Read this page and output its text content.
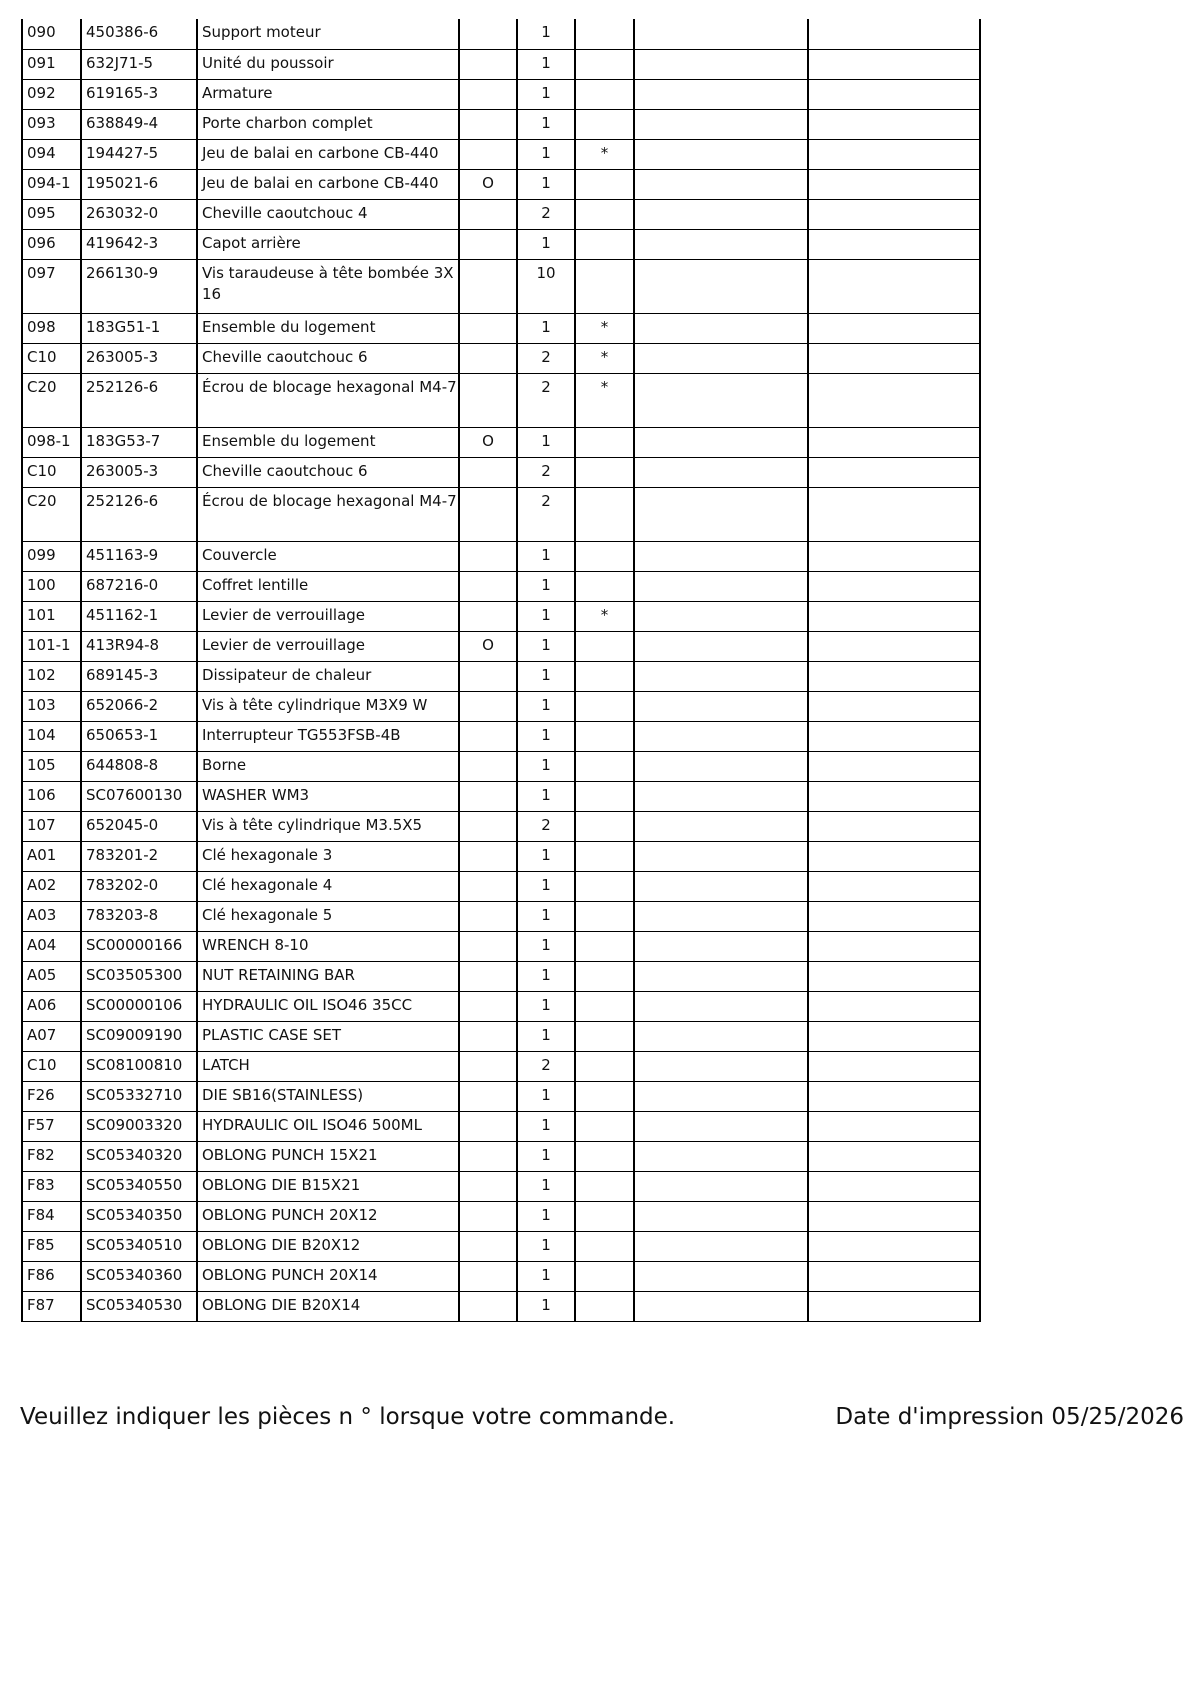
090	450386-6	Support moteur		1			
091	632J71-5	Unité du poussoir		1			
092	619165-3	Armature		1			
093	638849-4	Porte charbon complet		1			
094	194427-5	Jeu de balai en carbone CB-440		1	*		
094-1	195021-6	Jeu de balai en carbone CB-440	O	1			
095	263032-0	Cheville caoutchouc 4		2			
096	419642-3	Capot arrière		1			
097	266130-9	Vis taraudeuse à tête bombée 3X 16		10			
098	183G51-1	Ensemble du logement		1	*		
C10	263005-3	Cheville caoutchouc 6		2	*		
C20	252126-6	Écrou de blocage hexagonal M4-7		2	*		
098-1	183G53-7	Ensemble du logement	O	1			
C10	263005-3	Cheville caoutchouc 6		2			
C20	252126-6	Écrou de blocage hexagonal M4-7		2			
099	451163-9	Couvercle		1			
100	687216-0	Coffret lentille		1			
101	451162-1	Levier de verrouillage		1	*		
101-1	413R94-8	Levier de verrouillage	O	1			
102	689145-3	Dissipateur de chaleur		1			
103	652066-2	Vis à tête cylindrique M3X9 W		1			
104	650653-1	Interrupteur TG553FSB-4B		1			
105	644808-8	Borne		1			
106	SC07600130	WASHER WM3		1			
107	652045-0	Vis à tête cylindrique M3.5X5		2			
A01	783201-2	Clé hexagonale 3		1			
A02	783202-0	Clé hexagonale 4		1			
A03	783203-8	Clé hexagonale 5		1			
A04	SC00000166	WRENCH 8-10		1			
A05	SC03505300	NUT RETAINING BAR		1			
A06	SC00000106	HYDRAULIC OIL ISO46 35CC		1			
A07	SC09009190	PLASTIC CASE SET		1			
C10	SC08100810	LATCH		2			
F26	SC05332710	DIE SB16(STAINLESS)		1			
F57	SC09003320	HYDRAULIC OIL ISO46 500ML		1			
F82	SC05340320	OBLONG PUNCH 15X21		1			
F83	SC05340550	OBLONG DIE B15X21		1			
F84	SC05340350	OBLONG PUNCH 20X12		1			
F85	SC05340510	OBLONG DIE B20X12		1			
F86	SC05340360	OBLONG PUNCH 20X14		1			
F87	SC05340530	OBLONG DIE B20X14		1			
Veuillez indiquer les pièces n ° lorsque votre commande.	Date d'impression 05/25/2026
